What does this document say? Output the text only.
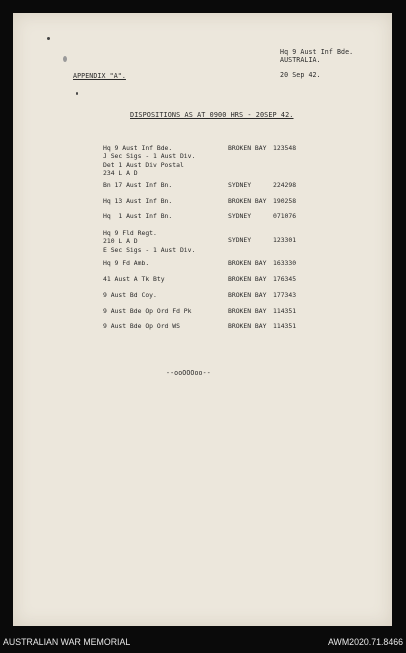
Hq 9 Aust Inf Bde.
AUSTRALIA.
20 Sep 42.
APPENDIX "A".
DISPOSITIONS AS AT 0900 HRS - 20SEP 42.
Hq 9 Aust Inf Bde.
J Sec Sigs - 1 Aust Div.
Det 1 Aust Div Postal
234 L A D
BROKEN BAY 123548
Bn 17 Aust Inf Bn.	SYDNEY	224298
Hq 13 Aust Inf Bn.	BROKEN BAY 190258
Hq  1 Aust Inf Bn.	SYDNEY	071076
Hq 9 Fld Regt.
210 L A D
E Sec Sigs - 1 Aust Div.
SYDNEY	123301
Hq 9 Fd Amb.	BROKEN BAY 163330
41 Aust A Tk Bty	BROKEN BAY 176345
9 Aust Bd Coy.	BROKEN BAY 177343
9 Aust Bde Op Ord Fd Pk	BROKEN BAY 114351
9 Aust Bde Op Ord WS	BROKEN BAY 114351
--ooOOOoo--
AUSTRALIAN WAR MEMORIAL	AWM2020.71.8466
